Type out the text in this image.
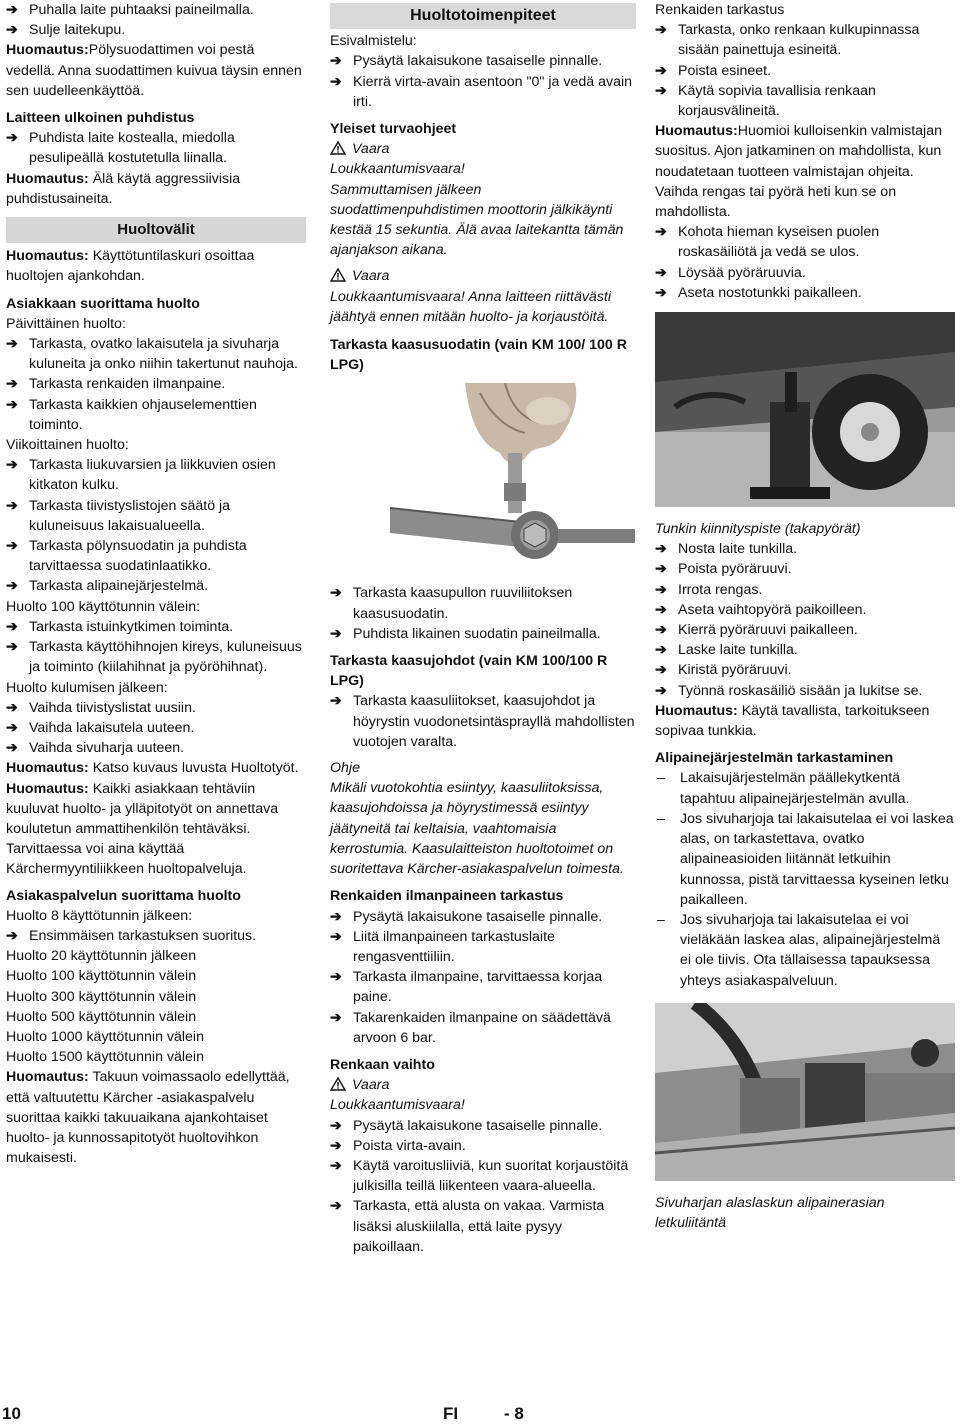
➔ Puhalla laite puhtaaksi paineilmalla.

➔ Sulje laitekupu.

Huomautus:Pölysuodattimen voi pestä vedellä. Anna suodattimen kuivua täysin ennen sen uudelleenkäyttöä.

Laitteen ulkoinen puhdistus

➔ Puhdista laite kostealla, miedolla pesulipeällä kostutetulla liinalla.

Huomautus: Älä käytä aggressiivisia puhdistusaineita.

Huoltovälit

Huomautus: Käyttötuntilaskuri osoittaa huoltojen ajankohdan.

Asiakkaan suorittama huolto

Päivittäinen huolto:

➔ Tarkasta, ovatko lakaisutela ja sivuharja kuluneita ja onko niihin takertunut nauhoja.

➔ Tarkasta renkaiden ilmanpaine.

➔ Tarkasta kaikkien ohjauselementtien toiminto.

Viikoittainen huolto:

➔ Tarkasta liukuvarsien ja liikkuvien osien kitkaton kulku.

➔ Tarkasta tiivistyslistojen säätö ja kuluneisuus lakaisualueella.

➔ Tarkasta pölynsuodatin ja puhdista tarvittaessa suodatinlaatikko.

➔ Tarkasta alipainejärjestelmä.

Huolto 100 käyttötunnin välein:

➔ Tarkasta istuinkytkimen toiminta.

➔ Tarkasta käyttöhihnojen kireys, kuluneisuus ja toiminto (kiilahihnat ja pyöröhihnat).

Huolto kulumisen jälkeen:

➔ Vaihda tiivistyslistat uusiin.

➔ Vaihda lakaisutela uuteen.

➔ Vaihda sivuharja uuteen.

Huomautus: Katso kuvaus luvusta Huoltotyöt.

Huomautus: Kaikki asiakkaan tehtäviin kuuluvat huolto- ja ylläpitotyöt on annettava koulutetun ammattihenkilön tehtäväksi. Tarvittaessa voi aina käyttää Kärchermyyntiliikkeen huoltopalveluja.

Asiakaspalvelun suorittama huolto

Huolto 8 käyttötunnin jälkeen:

➔ Ensimmäisen tarkastuksen suoritus.

Huolto 20 käyttötunnin jälkeen

Huolto 100 käyttötunnin välein

Huolto 300 käyttötunnin välein

Huolto 500 käyttötunnin välein

Huolto 1000 käyttötunnin välein

Huolto 1500 käyttötunnin välein

Huomautus: Takuun voimassaolo edellyttää, että valtuutettu Kärcher -asiakaspalvelu suorittaa kaikki takuuaikana ajankohtaiset huolto- ja kunnossapitotyöt huoltovihkon mukaisesti.

Huoltotoimenpiteet

Esivalmistelu:

➔ Pysäytä lakaisukone tasaiselle pinnalle.

➔ Kierrä virta-avain asentoon "0" ja vedä avain irti.

Yleiset turvaohjeet

Vaara

Loukkaantumisvaara!

Sammuttamisen jälkeen suodattimenpuhdistimen moottorin jälkikäynti kestää 15 sekuntia. Älä avaa laitekantta tämän ajanjakson aikana.

Vaara

Loukkaantumisvaara! Anna laitteen riittävästi jäähtyä ennen mitään huolto- ja korjaustöitä.

Tarkasta kaasusuodatin (vain KM 100/ 100 R LPG)

➔ Tarkasta kaasupullon ruuviliitoksen kaasusuodatin.

➔ Puhdista likainen suodatin paineilmalla.

Tarkasta kaasujohdot (vain KM 100/100 R LPG)

➔ Tarkasta kaasuliitokset, kaasujohdot ja höyrystin vuodonetsintäsprayllä mahdollisten vuotojen varalta.

Ohje

Mikäli vuotokohtia esiintyy, kaasuliitoksissa, kaasujohdoissa ja höyrystimessä esiintyy jäätyneitä tai keltaisia, vaahtomaisia kerrostumia. Kaasulaitteiston huoltotoimet on suoritettava Kärcher-asiakaspalvelun toimesta.

Renkaiden ilmanpaineen tarkastus

➔ Pysäytä lakaisukone tasaiselle pinnalle.

➔ Liitä ilmanpaineen tarkastuslaite rengasventtiiliin.

➔ Tarkasta ilmanpaine, tarvittaessa korjaa paine.

➔ Takarenkaiden ilmanpaine on säädettävä arvoon 6 bar.

Renkaan vaihto

Vaara

Loukkaantumisvaara!

➔ Pysäytä lakaisukone tasaiselle pinnalle.

➔ Poista virta-avain.

➔ Käytä varoitusliiviä, kun suoritat korjaustöitä julkisilla teillä liikenteen vaara-alueella.

➔ Tarkasta, että alusta on vakaa. Varmista lisäksi aluskiilalla, että laite pysyy paikoillaan.

Renkaiden tarkastus

➔ Tarkasta, onko renkaan kulkupinnassa sisään painettuja esineitä.

➔ Poista esineet.

➔ Käytä sopivia tavallisia renkaan korjausvälineitä.

Huomautus:Huomioi kulloisenkin valmistajan suositus. Ajon jatkaminen on mahdollista, kun noudatetaan tuotteen valmistajan ohjeita. Vaihda rengas tai pyörä heti kun se on mahdollista.

➔ Kohota hieman kyseisen puolen roskasäiliötä ja vedä se ulos.

➔ Löysää pyöräruuvia.

➔ Aseta nostotunkki paikalleen.

Tunkin kiinnityspiste (takapyörät)

➔ Nosta laite tunkilla.

➔ Poista pyöräruuvi.

➔ Irrota rengas.

➔ Aseta vaihtopyörä paikoilleen.

➔ Kierrä pyöräruuvi paikalleen.

➔ Laske laite tunkilla.

➔ Kiristä pyöräruuvi.

➔ Työnnä roskasäiliö sisään ja lukitse se.

Huomautus: Käytä tavallista, tarkoitukseen sopivaa tunkkia.

Alipainejärjestelmän tarkastaminen

– Lakaisujärjestelmän päällekytkentä tapahtuu alipainejärjestelmän avulla.

– Jos sivuharjoja tai lakaisutelaa ei voi laskea alas, on tarkastettava, ovatko alipaineasioiden liitännät letkuihin kunnossa, pistä tarvittaessa kyseinen letku paikalleen.

– Jos sivuharjoja tai lakaisutelaa ei voi vieläkään laskea alas, alipainejärjestelmä ei ole tiivis. Ota tällaisessa tapauksessa yhteys asiakaspalveluun.

Sivuharjan alaslaskun alipainerasian letkuliitäntä

10	FI	- 8
